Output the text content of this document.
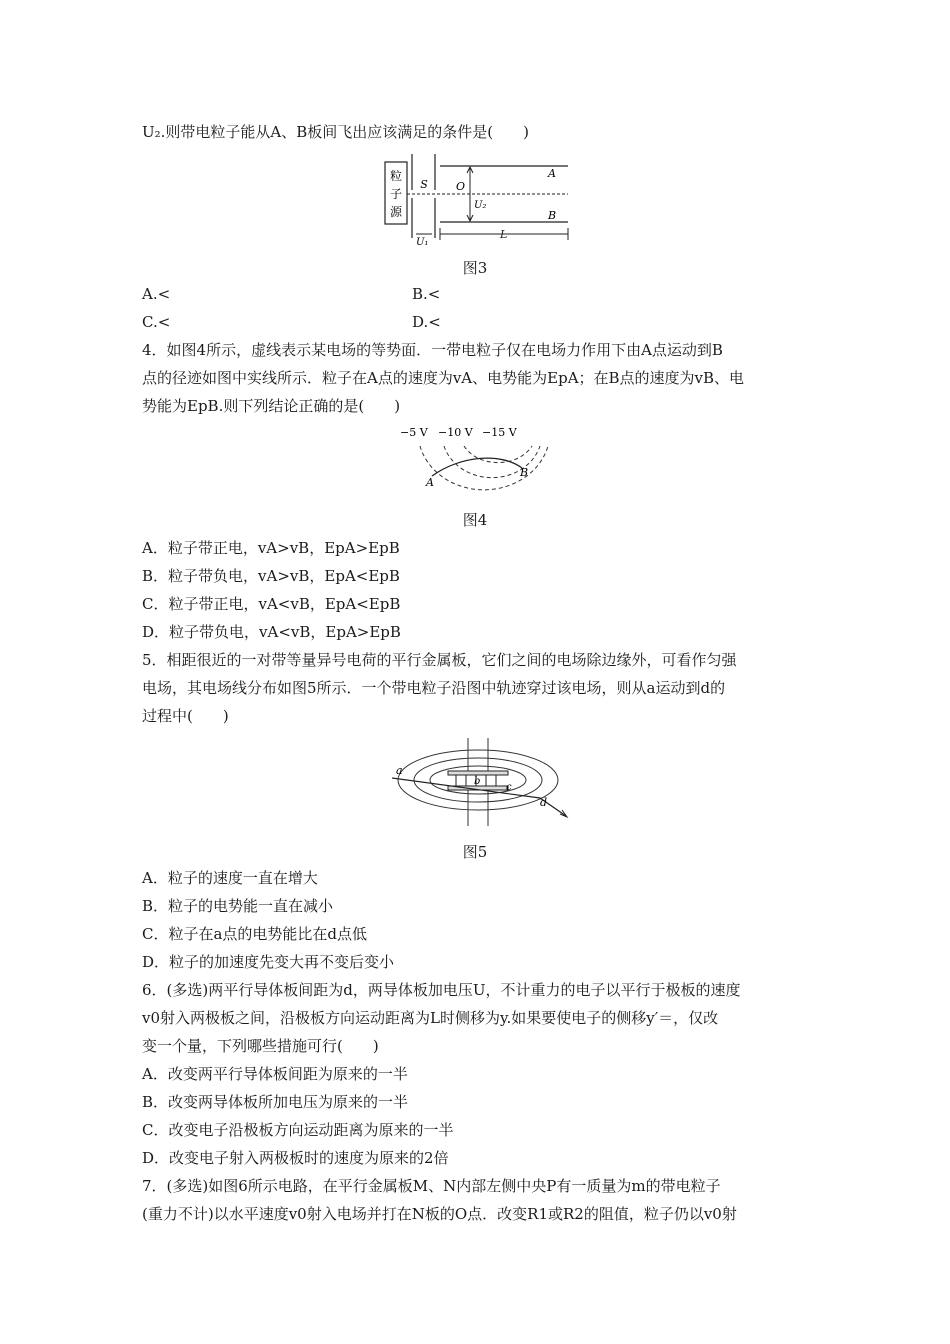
U₂.则带电粒子能从A、B板间飞出应该满足的条件是(　　)
粒
子
源
S
A
B
O
U₂
U₁
L
图3
A.<	B.<
C.<	D.<
4．如图4所示，虚线表示某电场的等势面．一带电粒子仅在电场力作用下由A点运动到B
点的径迹如图中实线所示．粒子在A点的速度为vA、电势能为EpA；在B点的速度为vB、电
势能为EpB.则下列结论正确的是(　　)
−5 V −10 V −15 V
A
B
图4
A．粒子带正电，vA>vB，EpA>EpB
B．粒子带负电，vA>vB，EpA<EpB
C．粒子带正电，vA<vB，EpA<EpB
D．粒子带负电，vA<vB，EpA>EpB
5．相距很近的一对带等量异号电荷的平行金属板，它们之间的电场除边缘外，可看作匀强
电场，其电场线分布如图5所示．一个带电粒子沿图中轨迹穿过该电场，则从a运动到d的
过程中(　　)
a
b
c
d
图5
A．粒子的速度一直在增大
B．粒子的电势能一直在减小
C．粒子在a点的电势能比在d点低
D．粒子的加速度先变大再不变后变小
6．(多选)两平行导体板间距为d，两导体板加电压U，不计重力的电子以平行于极板的速度
v0射入两极板之间，沿极板方向运动距离为L时侧移为y.如果要使电子的侧移y′＝，仅改
变一个量，下列哪些措施可行(　　)
A．改变两平行导体板间距为原来的一半
B．改变两导体板所加电压为原来的一半
C．改变电子沿极板方向运动距离为原来的一半
D．改变电子射入两极板时的速度为原来的2倍
7．(多选)如图6所示电路，在平行金属板M、N内部左侧中央P有一质量为m的带电粒子
(重力不计)以水平速度v0射入电场并打在N板的O点．改变R1或R2的阻值，粒子仍以v0射
